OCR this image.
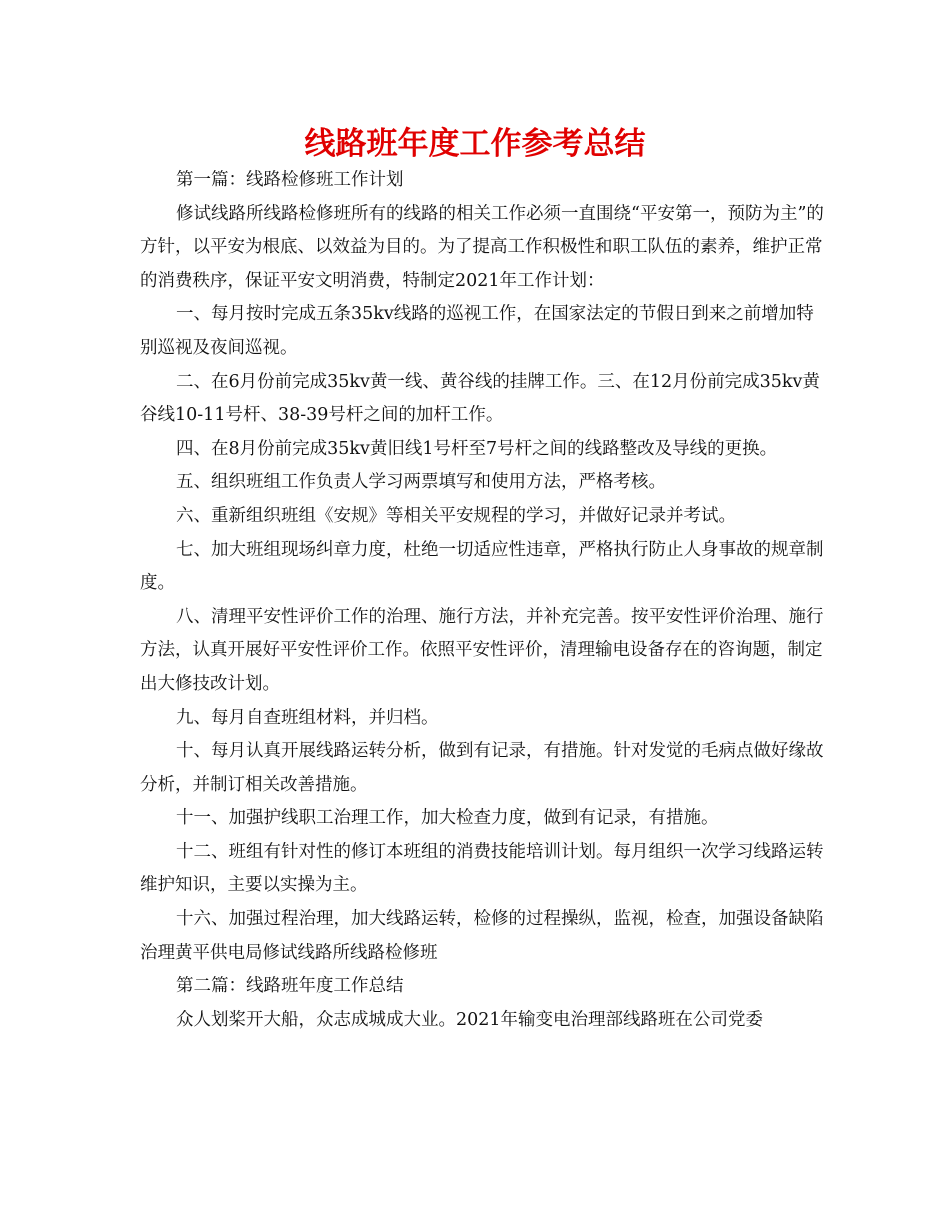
线路班年度工作参考总结

第一篇：线路检修班工作计划

修试线路所线路检修班所有的线路的相关工作必须一直围绕“平安第一，预防为主”的方针，以平安为根底、以效益为目的。为了提高工作积极性和职工队伍的素养，维护正常的消费秩序，保证平安文明消费，特制定2021年工作计划：

一、每月按时完成五条35kv线路的巡视工作，在国家法定的节假日到来之前增加特别巡视及夜间巡视。

二、在6月份前完成35kv黄一线、黄谷线的挂牌工作。三、在12月份前完成35kv黄谷线10-11号杆、38-39号杆之间的加杆工作。

四、在8月份前完成35kv黄旧线1号杆至7号杆之间的线路整改及导线的更换。

五、组织班组工作负责人学习两票填写和使用方法，严格考核。

六、重新组织班组《安规》等相关平安规程的学习，并做好记录并考试。

七、加大班组现场纠章力度，杜绝一切适应性违章，严格执行防止人身事故的规章制度。

八、清理平安性评价工作的治理、施行方法，并补充完善。按平安性评价治理、施行方法，认真开展好平安性评价工作。依照平安性评价，清理输电设备存在的咨询题，制定出大修技改计划。

九、每月自查班组材料，并归档。

十、每月认真开展线路运转分析，做到有记录，有措施。针对发觉的毛病点做好缘故分析，并制订相关改善措施。

十一、加强护线职工治理工作，加大检查力度，做到有记录，有措施。

十二、班组有针对性的修订本班组的消费技能培训计划。每月组织一次学习线路运转维护知识，主要以实操为主。

十六、加强过程治理，加大线路运转，检修的过程操纵，监视，检查，加强设备缺陷治理黄平供电局修试线路所线路检修班

第二篇：线路班年度工作总结

众人划桨开大船，众志成城成大业。2021年输变电治理部线路班在公司党委
